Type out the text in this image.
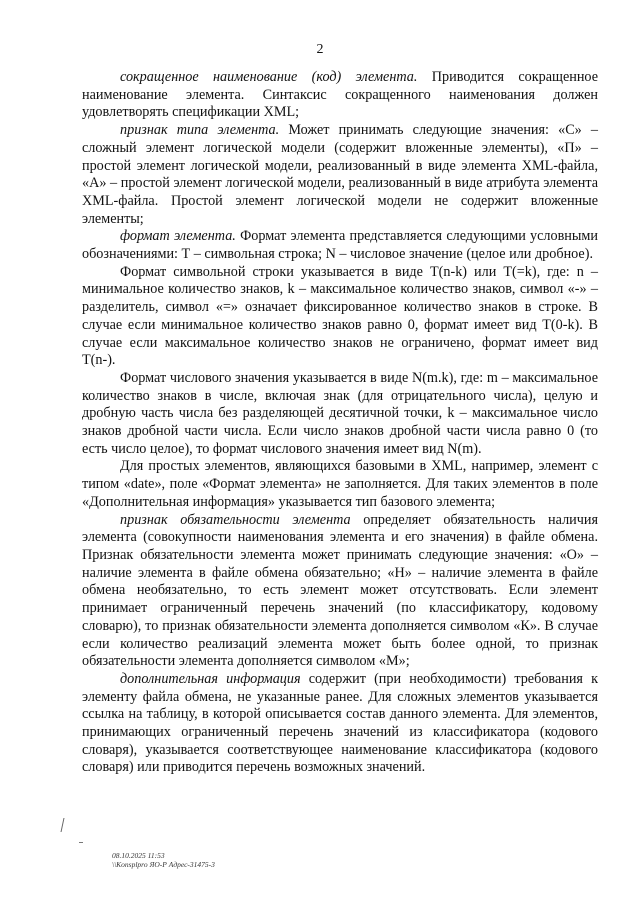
2

сокращенное наименование (код) элемента. Приводится сокращенное наименование элемента. Синтаксис сокращенного наименования должен удовлетворять спецификации XML;

признак типа элемента. Может принимать следующие значения: «С» – сложный элемент логической модели (содержит вложенные элементы), «П» – простой элемент логической модели, реализованный в виде элемента XML-файла, «А» – простой элемент логической модели, реализованный в виде атрибута элемента XML-файла. Простой элемент логической модели не содержит вложенные элементы;

формат элемента. Формат элемента представляется следующими условными обозначениями: Т – символьная строка; N – числовое значение (целое или дробное).

Формат символьной строки указывается в виде T(n-k) или T(=k), где: n – минимальное количество знаков, k – максимальное количество знаков, символ «-» – разделитель, символ «=» означает фиксированное количество знаков в строке. В случае если минимальное количество знаков равно 0, формат имеет вид T(0-k). В случае если максимальное количество знаков не ограничено, формат имеет вид T(n-).

Формат числового значения указывается в виде N(m.k), где: m – максимальное количество знаков в числе, включая знак (для отрицательного числа), целую и дробную часть числа без разделяющей десятичной точки, k – максимальное число знаков дробной части числа. Если число знаков дробной части числа равно 0 (то есть число целое), то формат числового значения имеет вид N(m).

Для простых элементов, являющихся базовыми в XML, например, элемент с типом «date», поле «Формат элемента» не заполняется. Для таких элементов в поле «Дополнительная информация» указывается тип базового элемента;

признак обязательности элемента определяет обязательность наличия элемента (совокупности наименования элемента и его значения) в файле обмена. Признак обязательности элемента может принимать следующие значения: «О» – наличие элемента в файле обмена обязательно; «Н» – наличие элемента в файле обмена необязательно, то есть элемент может отсутствовать. Если элемент принимает ограниченный перечень значений (по классификатору, кодовому словарю), то признак обязательности элемента дополняется символом «К». В случае если количество реализаций элемента может быть более одной, то признак обязательности элемента дополняется символом «М»;

дополнительная информация содержит (при необходимости) требования к элементу файла обмена, не указанные ранее. Для сложных элементов указывается ссылка на таблицу, в которой описывается состав данного элемента. Для элементов, принимающих ограниченный перечень значений из классификатора (кодового словаря), указывается соответствующее наименование классификатора (кодового словаря) или приводится перечень возможных значений.

08.10.2025 11:53
\\Konsplpro ЯО-Р Адрес-31475-3
